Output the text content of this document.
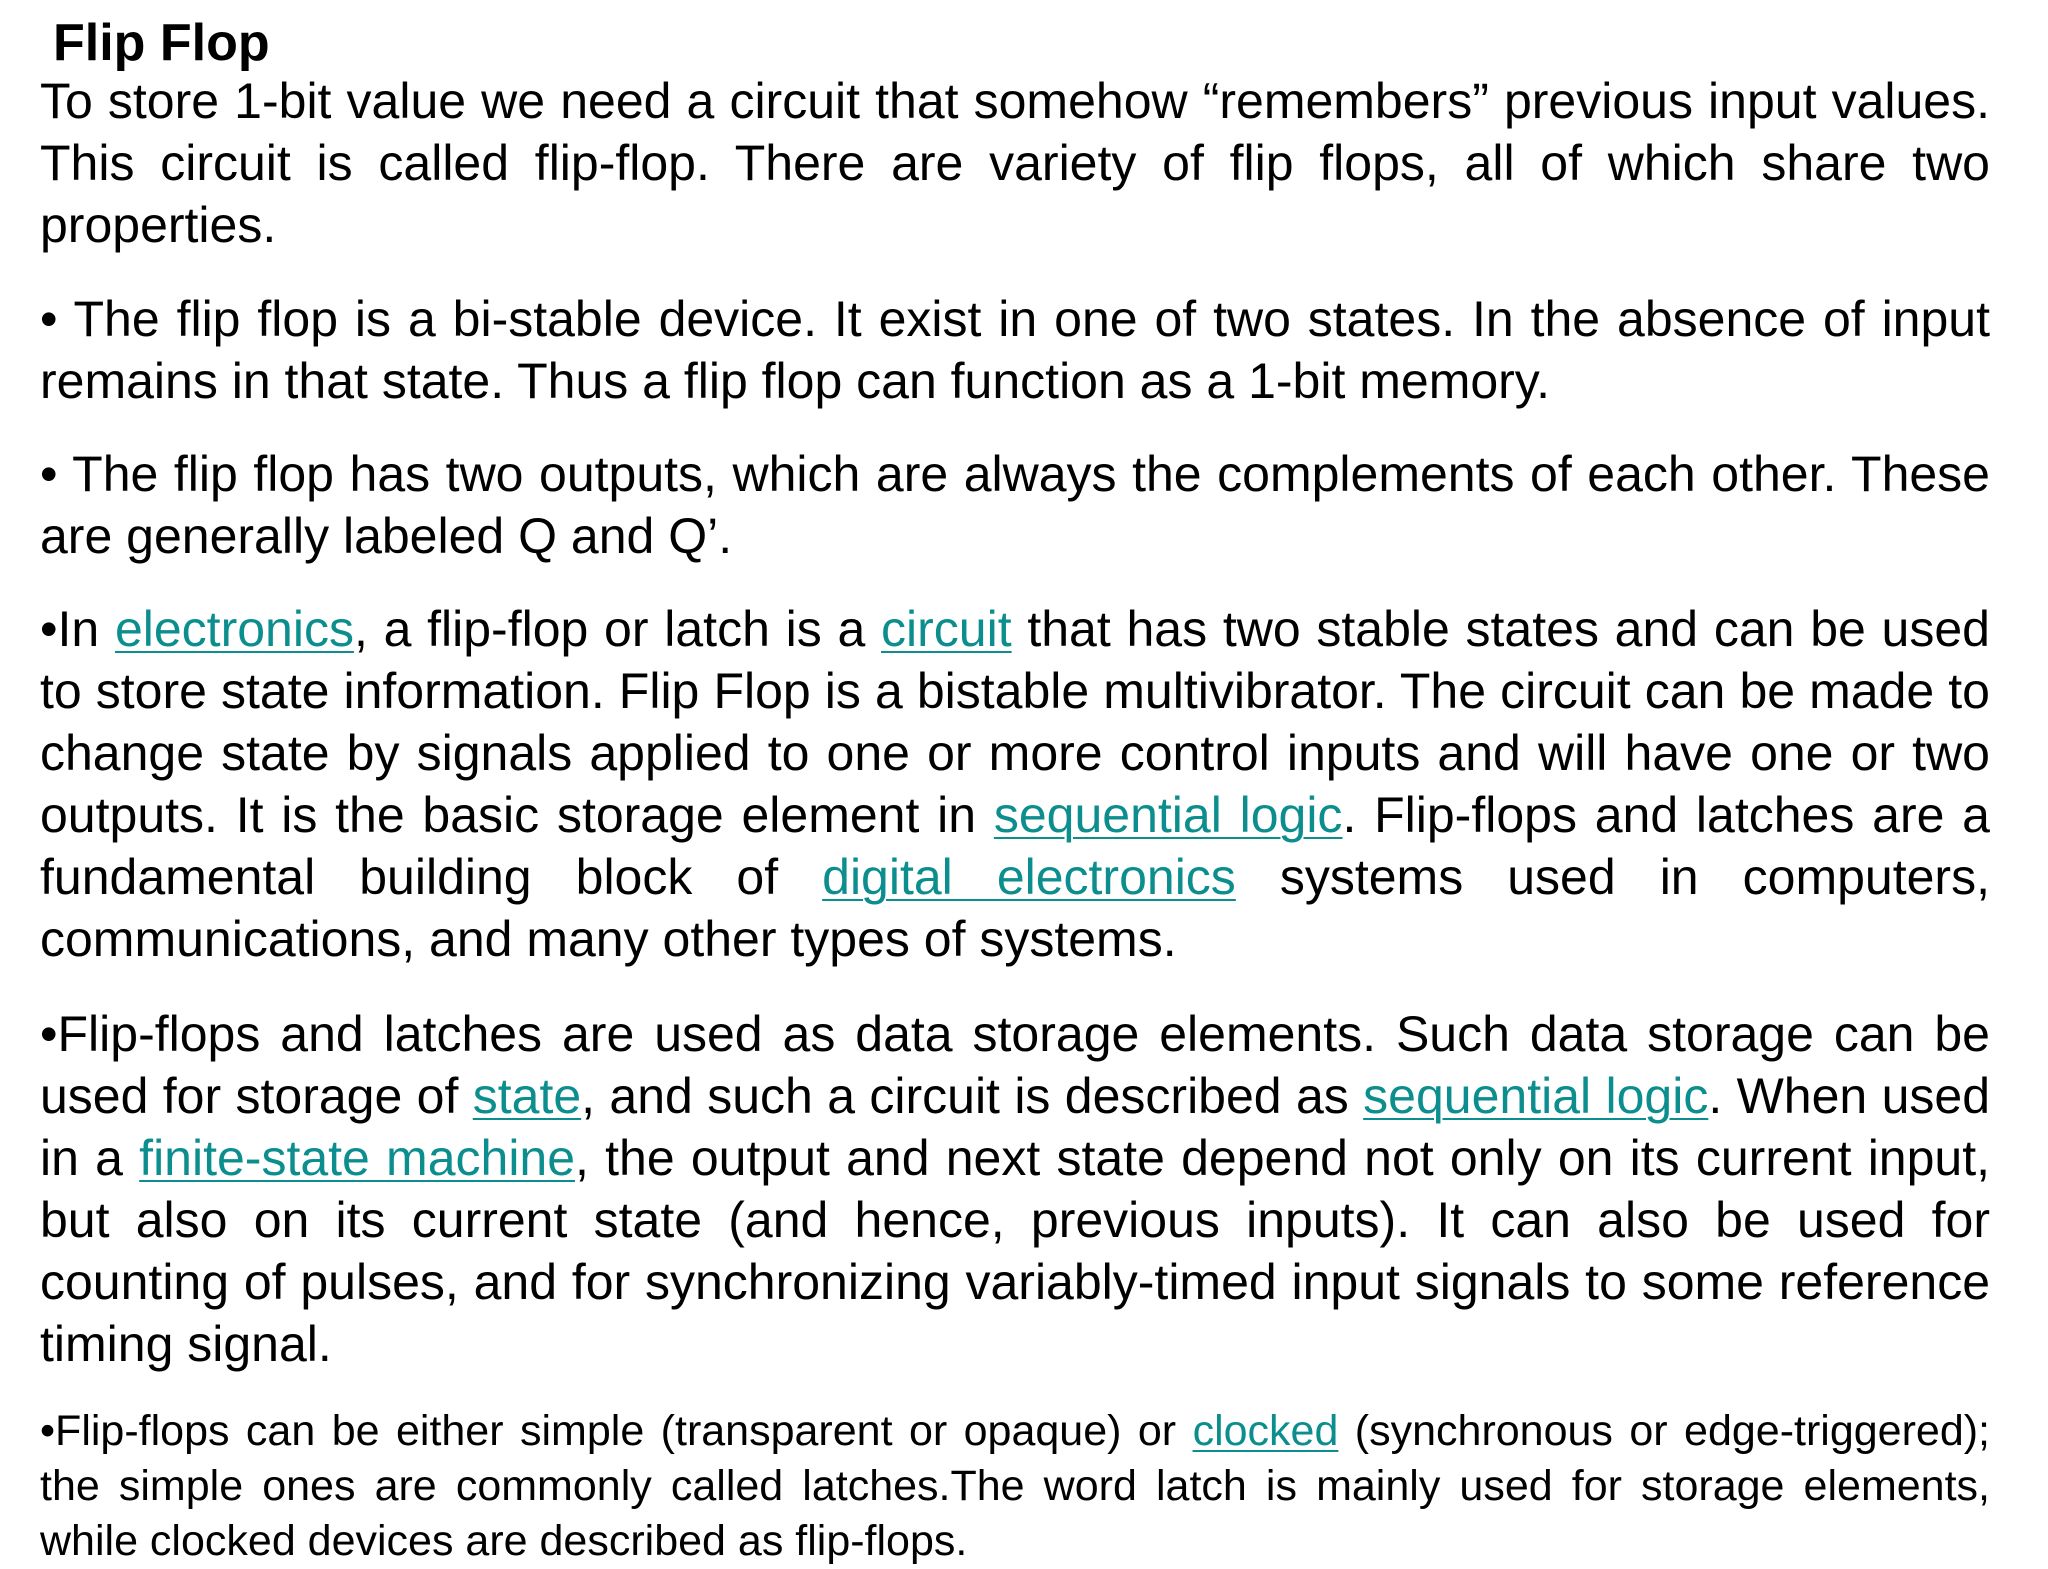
Flip Flop

To store 1-bit value we need a circuit that somehow “remembers” previous input values. This circuit is called flip-flop. There are variety of flip flops, all of which share two properties.

• The flip flop is a bi-stable device. It exist in one of two states. In the absence of input remains in that state. Thus a flip flop can function as a 1-bit memory.

• The flip flop has two outputs, which are always the complements of each other. These are generally labeled Q and Q’.

•In electronics, a flip-flop or latch is a circuit that has two stable states and can be used to store state information. Flip Flop is a bistable multivibrator. The circuit can be made to change state by signals applied to one or more control inputs and will have one or two outputs. It is the basic storage element in sequential logic. Flip-flops and latches are a fundamental building block of digital electronics systems used in computers, communications, and many other types of systems.

•Flip-flops and latches are used as data storage elements. Such data storage can be used for storage of state, and such a circuit is described as sequential logic. When used in a finite-state machine, the output and next state depend not only on its current input, but also on its current state (and hence, previous inputs). It can also be used for counting of pulses, and for synchronizing variably-timed input signals to some reference timing signal.

•Flip-flops can be either simple (transparent or opaque) or clocked (synchronous or edge-triggered); the simple ones are commonly called latches.The word latch is mainly used for storage elements, while clocked devices are described as flip-flops.
